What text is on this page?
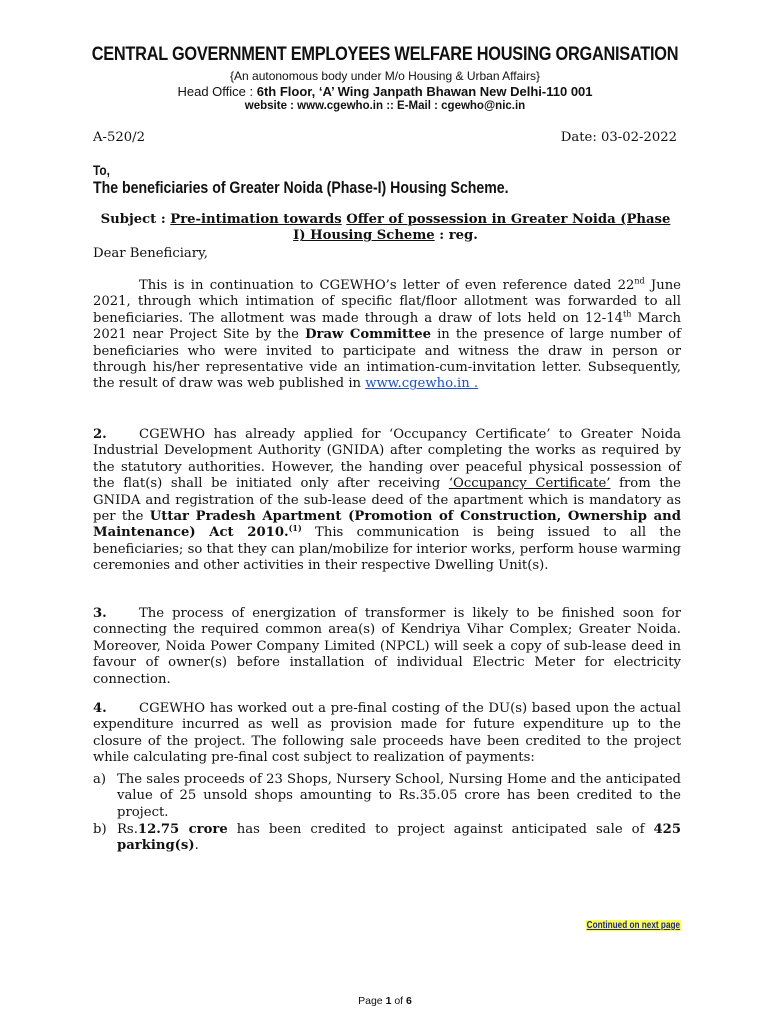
CENTRAL GOVERNMENT EMPLOYEES WELFARE HOUSING ORGANISATION
{An autonomous body under M/o Housing & Urban Affairs}
Head Office : 6th Floor, ‘A’ Wing Janpath Bhawan New Delhi-110 001
website : www.cgewho.in :: E-Mail : cgewho@nic.in
A-520/2	Date: 03-02-2022
To,
The beneficiaries of Greater Noida (Phase-I) Housing Scheme.
Subject : Pre-intimation towards Offer of possession in Greater Noida (Phase I) Housing Scheme : reg.
Dear Beneficiary,
This is in continuation to CGEWHO’s letter of even reference dated 22nd June 2021, through which intimation of specific flat/floor allotment was forwarded to all beneficiaries. The allotment was made through a draw of lots held on 12-14th March 2021 near Project Site by the Draw Committee in the presence of large number of beneficiaries who were invited to participate and witness the draw in person or through his/her representative vide an intimation-cum-invitation letter. Subsequently, the result of draw was web published in www.cgewho.in .
2. CGEWHO has already applied for ‘Occupancy Certificate’ to Greater Noida Industrial Development Authority (GNIDA) after completing the works as required by the statutory authorities. However, the handing over peaceful physical possession of the flat(s) shall be initiated only after receiving ‘Occupancy Certificate’ from the GNIDA and registration of the sub-lease deed of the apartment which is mandatory as per the Uttar Pradesh Apartment (Promotion of Construction, Ownership and Maintenance) Act 2010.$^{(1)}$ This communication is being issued to all the beneficiaries; so that they can plan/mobilize for interior works, perform house warming ceremonies and other activities in their respective Dwelling Unit(s).
3. The process of energization of transformer is likely to be finished soon for connecting the required common area(s) of Kendriya Vihar Complex; Greater Noida. Moreover, Noida Power Company Limited (NPCL) will seek a copy of sub-lease deed in favour of owner(s) before installation of individual Electric Meter for electricity connection.
4. CGEWHO has worked out a pre-final costing of the DU(s) based upon the actual expenditure incurred as well as provision made for future expenditure up to the closure of the project. The following sale proceeds have been credited to the project while calculating pre-final cost subject to realization of payments:
a) The sales proceeds of 23 Shops, Nursery School, Nursing Home and the anticipated value of 25 unsold shops amounting to Rs.35.05 crore has been credited to the project.
b) Rs.12.75 crore has been credited to project against anticipated sale of 425 parking(s).
Continued on next page
Page 1 of 6
